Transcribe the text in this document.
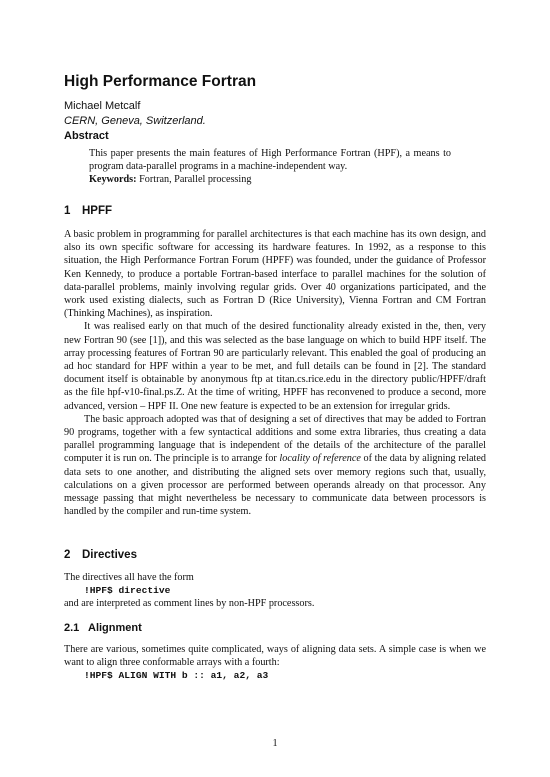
High Performance Fortran
Michael Metcalf
CERN, Geneva, Switzerland.
Abstract
This paper presents the main features of High Performance Fortran (HPF), a means to program data-parallel programs in a machine-independent way.
Keywords: Fortran, Parallel processing
1 HPFF

A basic problem in programming for parallel architectures is that each machine has its own design, and also its own specific software for accessing its hardware features. In 1992, as a response to this situation, the High Performance Fortran Forum (HPFF) was founded, under the guidance of Professor Ken Kennedy, to produce a portable Fortran-based interface to parallel machines for the solution of data-parallel problems, mainly involving regular grids. Over 40 organizations participated, and the work used existing dialects, such as Fortran D (Rice University), Vienna Fortran and CM Fortran (Thinking Machines), as inspiration.

It was realised early on that much of the desired functionality already existed in the, then, very new Fortran 90 (see [1]), and this was selected as the base language on which to build HPF itself. The array processing features of Fortran 90 are particularly relevant. This enabled the goal of producing an ad hoc standard for HPF within a year to be met, and full details can be found in [2]. The standard document itself is obtainable by anonymous ftp at titan.cs.rice.edu in the directory public/HPFF/draft as the file hpf-v10-final.ps.Z. At the time of writing, HPFF has reconvened to produce a second, more advanced, version – HPF II. One new feature is expected to be an extension for irregular grids.

The basic approach adopted was that of designing a set of directives that may be added to Fortran 90 programs, together with a few syntactical additions and some extra libraries, thus creating a data parallel programming language that is independent of the details of the architecture of the parallel computer it is run on. The principle is to arrange for locality of reference of the data by aligning related data sets to one another, and distributing the aligned sets over memory regions such that, usually, calculations on a given processor are performed between operands already on that processor. Any message passing that might nevertheless be necessary to communicate data between processors is handled by the compiler and run-time system.

2 Directives
The directives all have the form
!HPF$ directive
and are interpreted as comment lines by non-HPF processors.
2.1 Alignment

There are various, sometimes quite complicated, ways of aligning data sets. A simple case is when we want to align three conformable arrays with a fourth:

!HPF$ ALIGN WITH b :: a1, a2, a3
1
